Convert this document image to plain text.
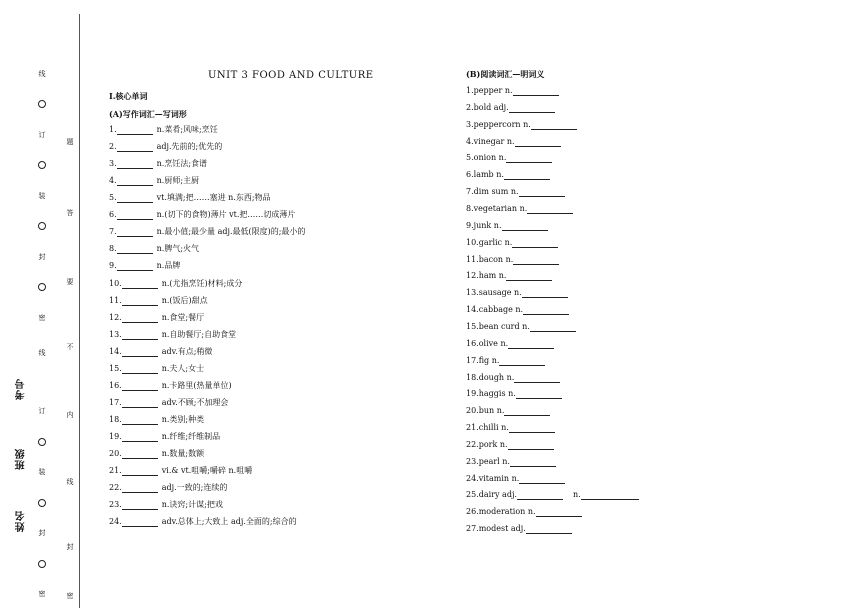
线
订
装
封
密
线
订
装
封
密
题
答
要
不
内
线
封
密
考号
班级
姓名
UNIT 3 FOOD AND CULTURE
Ⅰ.核心单词
(A)写作词汇—写词形
1.	n.菜肴;风味;烹饪
2.	adj.先前的;优先的
3.	n.烹饪法;食谱
4.	n.厨师;主厨
5.	vt.填满;把……塞进 n.东西;物品
6.	n.(切下的食物)薄片 vt.把……切成薄片
7.	n.最小值;最少量 adj.最低(限度)的;最小的
8.	n.脾气;火气
9.	n.品牌
10.	n.(尤指烹饪)材料;成分
11.	n.(饭后)甜点
12.	n.食堂;餐厅
13.	n.自助餐厅;自助食堂
14.	adv.有点;稍微
15.	n.夫人;女士
16.	n.卡路里(热量单位)
17.	adv.不顾;不加理会
18.	n.类别;种类
19.	n.纤维;纤维制品
20.	n.数量;数额
21.	vi.& vt.咀嚼;嚼碎 n.咀嚼
22.	adj.一致的;连续的
23.	n.诀窍;计谋;把戏
24.	adv.总体上;大致上 adj.全面的;综合的
(B)阅读词汇—明词义
1.pepper n.
2.bold adj.
3.peppercorn n.
4.vinegar n.
5.onion n.
6.lamb n.
7.dim sum n.
8.vegetarian n.
9.junk n.
10.garlic n.
11.bacon n.
12.ham n.
13.sausage n.
14.cabbage n.
15.bean curd n.
16.olive n.
17.fig n.
18.dough n.
19.haggis n.
20.bun n.
21.chilli n.
22.pork n.
23.pearl n.
24.vitamin n.
25.dairy adj.	n.
26.moderation n.
27.modest adj.
